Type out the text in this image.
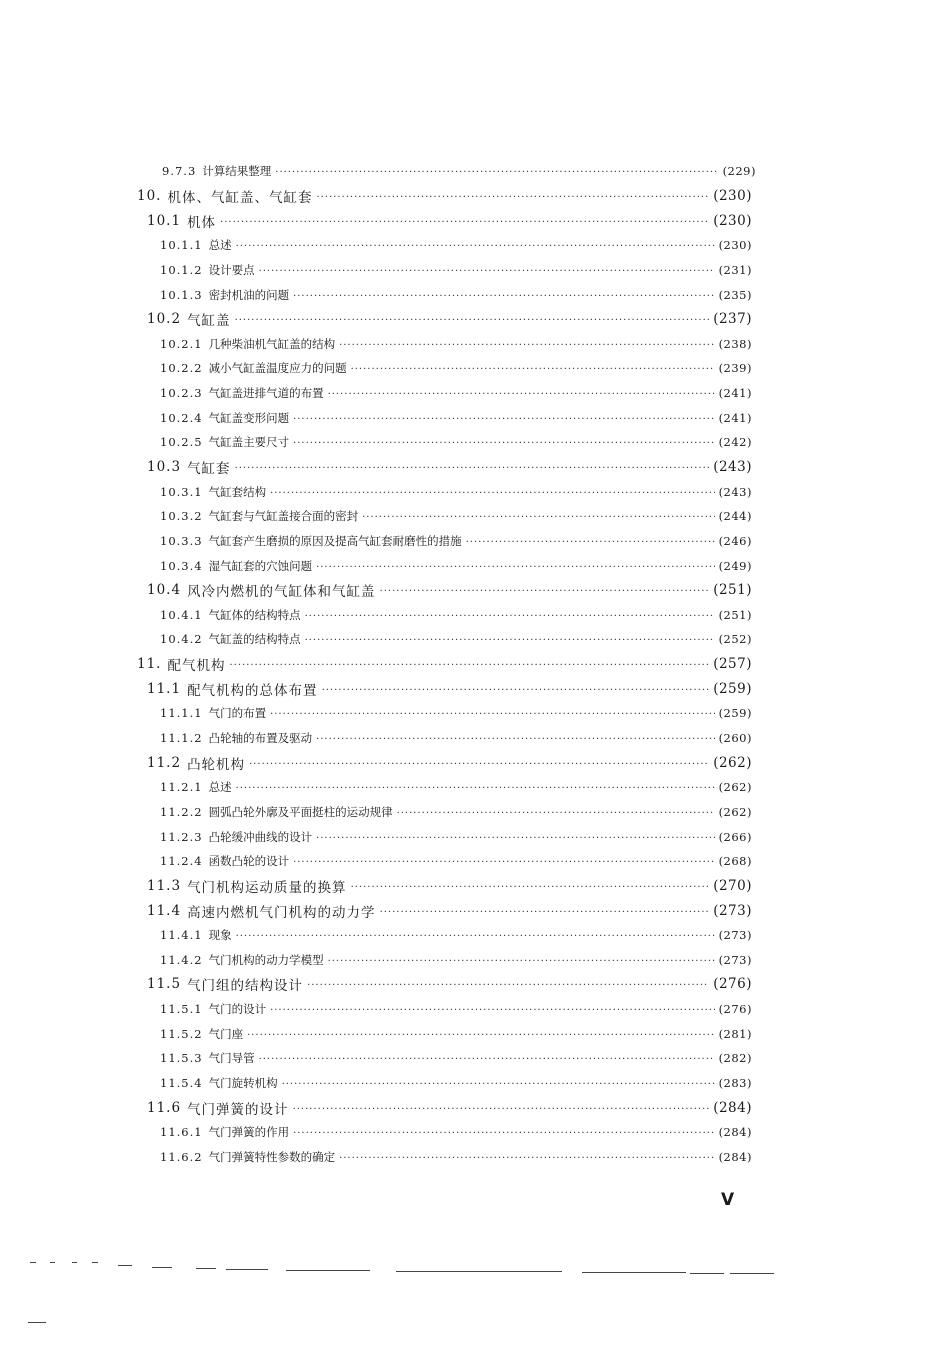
9.7.3 计算结果整理 ·····	(229)
10. 机体、气缸盖、气缸套 ·····	(230)
10.1 机体 ·····	(230)
10.1.1 总述 ·····	(230)
10.1.2 设计要点 ·····	(231)
10.1.3 密封机油的问题 ·····	(235)
10.2 气缸盖 ·····	(237)
10.2.1 几种柴油机气缸盖的结构 ·····	(238)
10.2.2 减小气缸盖温度应力的问题 ·····	(239)
10.2.3 气缸盖进排气道的布置 ·····	(241)
10.2.4 气缸盖变形问题 ·····	(241)
10.2.5 气缸盖主要尺寸 ·····	(242)
10.3 气缸套 ·····	(243)
10.3.1 气缸套结构 ·····	(243)
10.3.2 气缸套与气缸盖接合面的密封 ·····	(244)
10.3.3 气缸套产生磨损的原因及提高气缸套耐磨性的措施 ·····	(246)
10.3.4 湿气缸套的穴蚀问题 ·····	(249)
10.4 风冷内燃机的气缸体和气缸盖 ·····	(251)
10.4.1 气缸体的结构特点 ·····	(251)
10.4.2 气缸盖的结构特点 ·····	(252)
11. 配气机构 ·····	(257)
11.1 配气机构的总体布置 ·····	(259)
11.1.1 气门的布置 ·····	(259)
11.1.2 凸轮轴的布置及驱动 ·····	(260)
11.2 凸轮机构 ·····	(262)
11.2.1 总述 ·····	(262)
11.2.2 圆弧凸轮外廓及平面挺柱的运动规律 ·····	(262)
11.2.3 凸轮缓冲曲线的设计 ·····	(266)
11.2.4 函数凸轮的设计 ·····	(268)
11.3 气门机构运动质量的换算 ·····	(270)
11.4 高速内燃机气门机构的动力学 ·····	(273)
11.4.1 现象 ·····	(273)
11.4.2 气门机构的动力学模型 ·····	(273)
11.5 气门组的结构设计 ·····	(276)
11.5.1 气门的设计 ·····	(276)
11.5.2 气门座 ·····	(281)
11.5.3 气门导管 ·····	(282)
11.5.4 气门旋转机构 ·····	(283)
11.6 气门弹簧的设计 ·····	(284)
11.6.1 气门弹簧的作用 ·····	(284)
11.6.2 气门弹簧特性参数的确定 ·····	(284)
V
